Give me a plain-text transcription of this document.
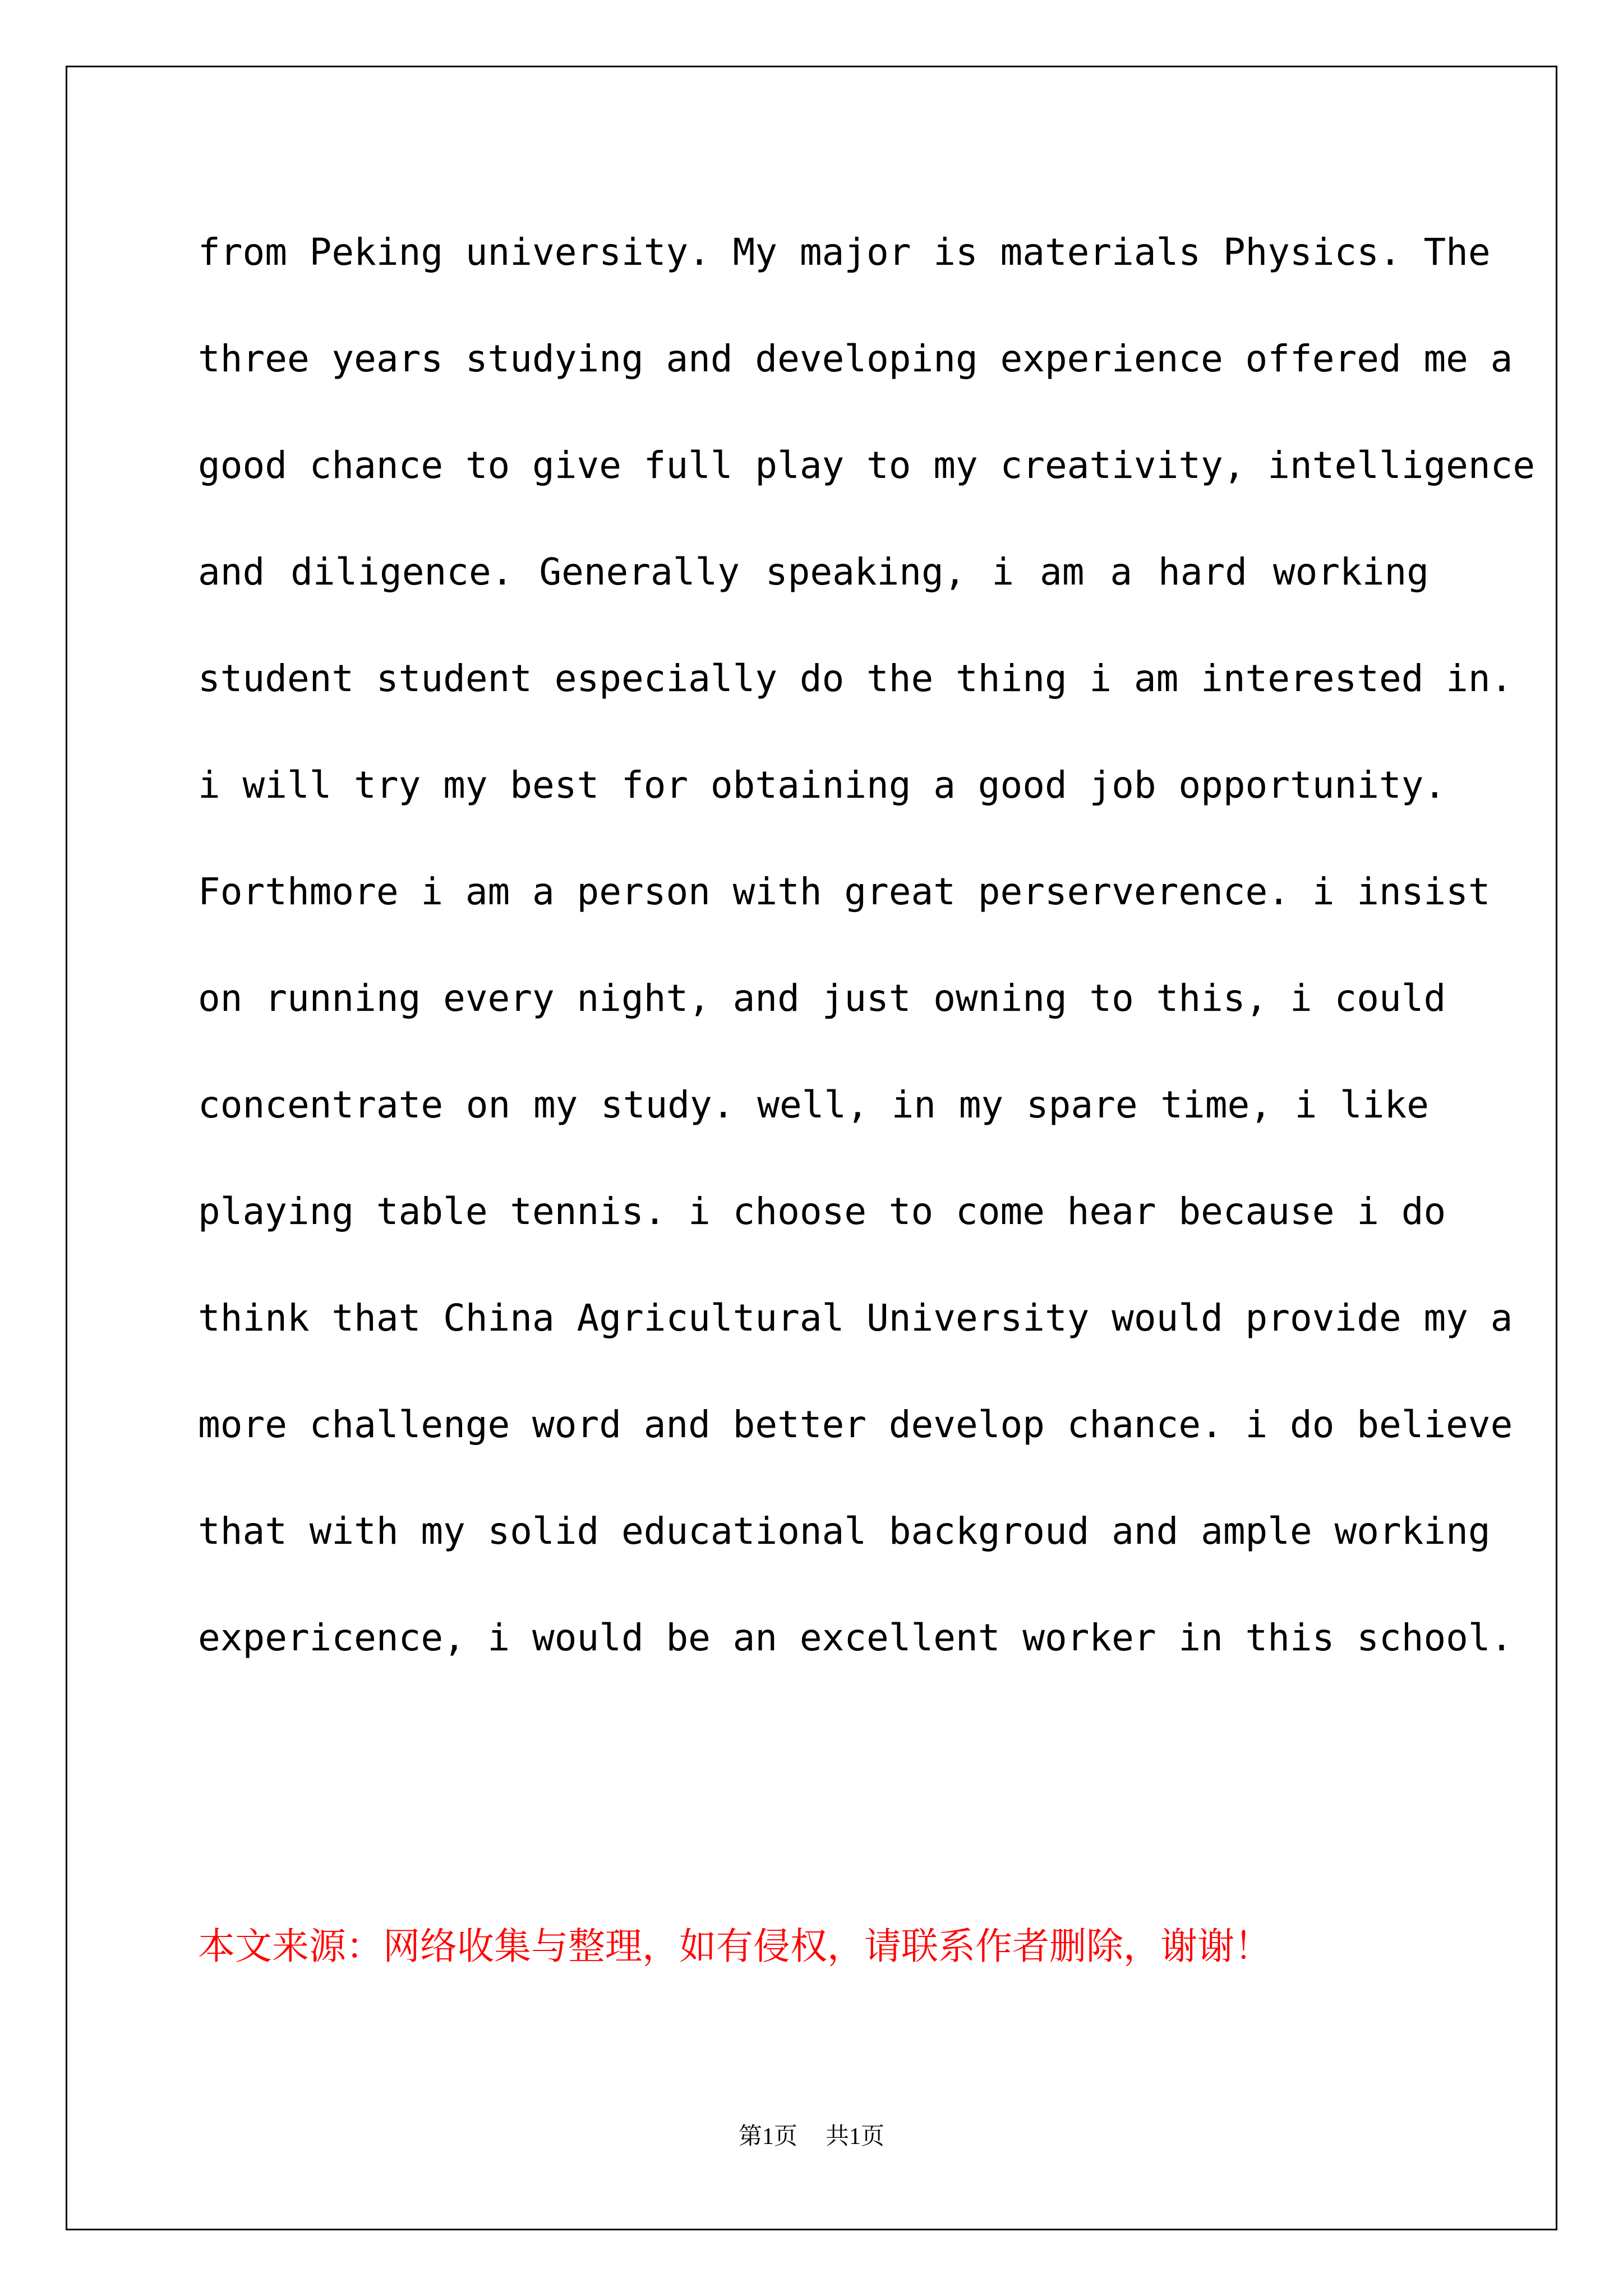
from Peking university. My major is materials Physics. The
three years studying and developing experience offered me a
good chance to give full play to my creativity, intelligence
and diligence. Generally speaking, i am a hard working
student student especially do the thing i am interested in.
i will try my best for obtaining a good job opportunity.
Forthmore i am a person with great perserverence. i insist
on running every night, and just owning to this, i could
concentrate on my study. well, in my spare time, i like
playing table tennis. i choose to come hear because i do
think that China Agricultural University would provide my a
more challenge word and better develop chance. i do believe
that with my solid educational backgroud and ample working
expericence, i would be an excellent worker in this school.
本文来源：网络收集与整理，如有侵权，请联系作者删除，谢谢！
第1页 共1页
